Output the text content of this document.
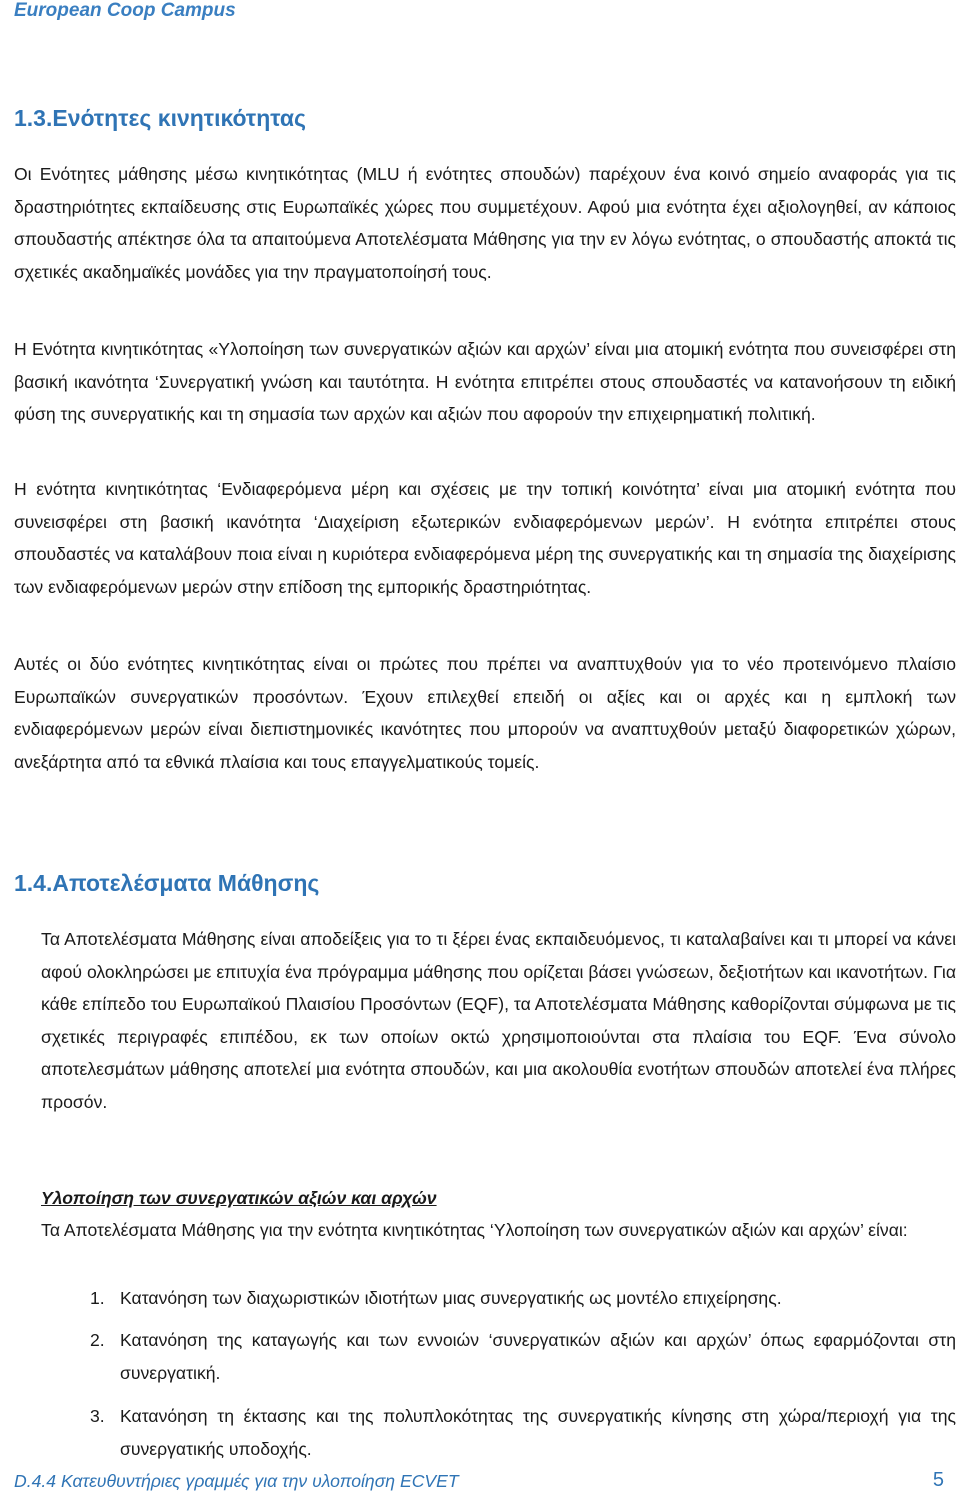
European Coop Campus
1.3.Ενότητες κινητικότητας
Οι Ενότητες μάθησης μέσω κινητικότητας (MLU ή ενότητες σπουδών) παρέχουν ένα κοινό σημείο αναφοράς για τις δραστηριότητες εκπαίδευσης στις Ευρωπαϊκές χώρες που συμμετέχουν. Αφού μια ενότητα έχει αξιολογηθεί, αν κάποιος σπουδαστής απέκτησε όλα τα απαιτούμενα Αποτελέσματα Μάθησης για την εν λόγω ενότητας, ο σπουδαστής αποκτά τις σχετικές ακαδημαϊκές μονάδες για την πραγματοποίησή τους.
Η Ενότητα κινητικότητας «Υλοποίηση των συνεργατικών αξιών και αρχών’ είναι μια ατομική ενότητα που συνεισφέρει στη βασική ικανότητα ‘Συνεργατική γνώση και ταυτότητα. Η ενότητα επιτρέπει στους σπουδαστές να κατανοήσουν τη ειδική φύση της συνεργατικής και τη σημασία των αρχών και αξιών που αφορούν την επιχειρηματική πολιτική.
Η ενότητα κινητικότητας ‘Ενδιαφερόμενα μέρη και σχέσεις με την τοπική κοινότητα’ είναι μια ατομική ενότητα που συνεισφέρει στη βασική ικανότητα ‘Διαχείριση εξωτερικών ενδιαφερόμενων μερών’. Η ενότητα επιτρέπει στους σπουδαστές να καταλάβουν ποια είναι η κυριότερα ενδιαφερόμενα μέρη της συνεργατικής και τη σημασία της διαχείρισης των ενδιαφερόμενων μερών στην επίδοση της εμπορικής δραστηριότητας.
Αυτές οι δύο ενότητες κινητικότητας είναι οι πρώτες που πρέπει να αναπτυχθούν για το νέο προτεινόμενο πλαίσιο Ευρωπαϊκών συνεργατικών προσόντων. Έχουν επιλεχθεί επειδή οι αξίες και οι αρχές και η εμπλοκή των ενδιαφερόμενων μερών είναι διεπιστημονικές ικανότητες που μπορούν να αναπτυχθούν μεταξύ διαφορετικών χώρων, ανεξάρτητα από τα εθνικά πλαίσια και τους επαγγελματικούς τομείς.
1.4.Αποτελέσματα Μάθησης
Τα Αποτελέσματα Μάθησης είναι αποδείξεις για το τι ξέρει ένας εκπαιδευόμενος, τι καταλαβαίνει και τι μπορεί να κάνει αφού ολοκληρώσει με επιτυχία ένα πρόγραμμα μάθησης που ορίζεται βάσει γνώσεων, δεξιοτήτων και ικανοτήτων. Για κάθε επίπεδο του Ευρωπαϊκού Πλαισίου Προσόντων (EQF), τα Αποτελέσματα Μάθησης καθορίζονται σύμφωνα με τις σχετικές περιγραφές επιπέδου, εκ των οποίων οκτώ χρησιμοποιούνται στα πλαίσια του EQF. Ένα σύνολο αποτελεσμάτων μάθησης αποτελεί μια ενότητα σπουδών, και μια ακολουθία ενοτήτων σπουδών αποτελεί ένα πλήρες προσόν.
Υλοποίηση των συνεργατικών αξιών και αρχών
Τα Αποτελέσματα Μάθησης για την ενότητα κινητικότητας ‘Υλοποίηση των συνεργατικών αξιών και αρχών’ είναι:
1. Κατανόηση των διαχωριστικών ιδιοτήτων μιας συνεργατικής ως μοντέλο επιχείρησης.
2. Κατανόηση της καταγωγής και των εννοιών ‘συνεργατικών αξιών και αρχών’ όπως εφαρμόζονται στη συνεργατική.
3. Κατανόηση τη έκτασης και της πολυπλοκότητας της συνεργατικής κίνησης στη χώρα/περιοχή για της συνεργατικής υποδοχής.
D.4.4 Κατευθυντήριες γραμμές για την υλοποίηση ECVET	5
